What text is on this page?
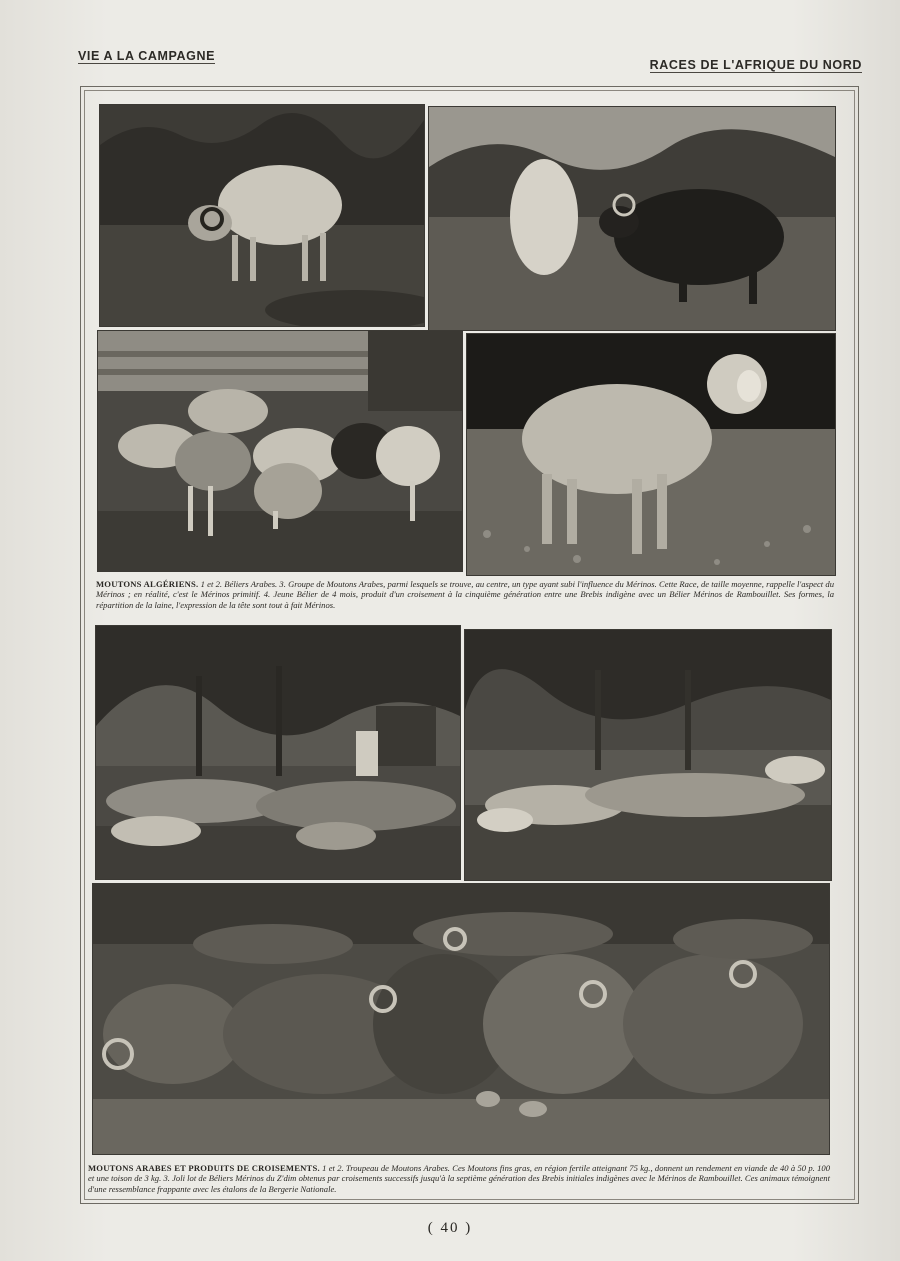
VIE A LA CAMPAGNE
RACES DE L'AFRIQUE DU NORD
MOUTONS ALGÉRIENS. 1 et 2. Béliers Arabes. 3. Groupe de Moutons Arabes, parmi lesquels se trouve, au centre, un type ayant subi l'influence du Mérinos. Cette Race, de taille moyenne, rappelle l'aspect du Mérinos ; en réalité, c'est le Mérinos primitif. 4. Jeune Bélier de 4 mois, produit d'un croisement à la cinquième génération entre une Brebis indigène avec un Bélier Mérinos de Rambouillet. Ses formes, la répartition de la laine, l'expression de la tête sont tout à fait Mérinos.
MOUTONS ARABES ET PRODUITS DE CROISEMENTS. 1 et 2. Troupeau de Moutons Arabes. Ces Moutons fins gras, en région fertile atteignant 75 kg., donnent un rendement en viande de 40 à 50 p. 100 et une toison de 3 kg. 3. Joli lot de Béliers Mérinos du Z'dim obtenus par croisements successifs jusqu'à la septième génération des Brebis initiales indigènes avec le Mérinos de Rambouillet. Ces animaux témoignent d'une ressemblance frappante avec les étalons de la Bergerie Nationale.
( 40 )
